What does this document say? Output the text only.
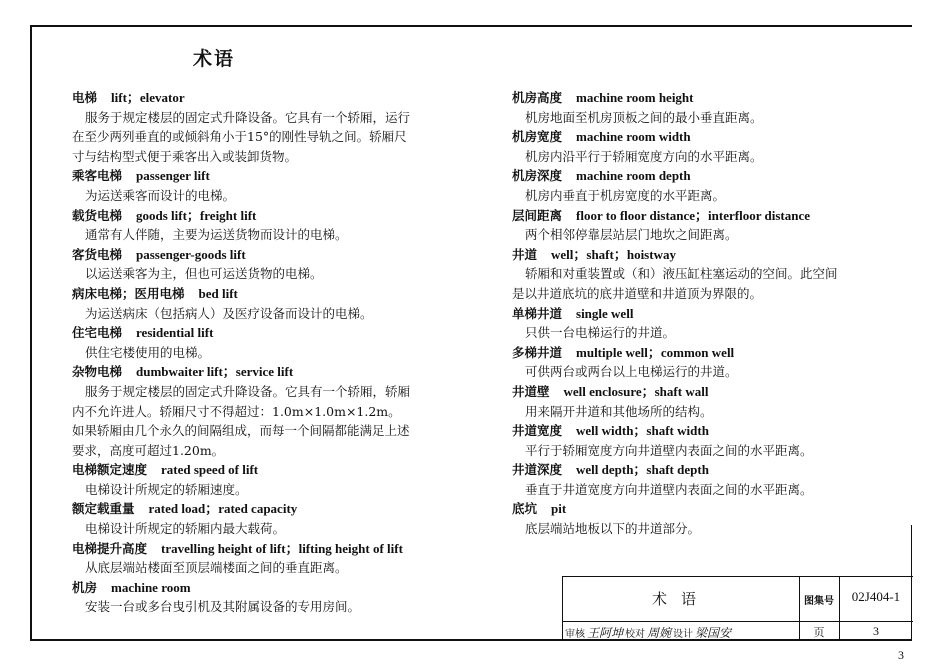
术语
电梯 lift；elevator
服务于规定楼层的固定式升降设备。它具有一个轿厢，运行
在至少两列垂直的或倾斜角小于15°的刚性导轨之间。轿厢尺
寸与结构型式便于乘客出入或装卸货物。
乘客电梯 passenger lift
为运送乘客而设计的电梯。
载货电梯 goods lift；freight lift
通常有人伴随，主要为运送货物而设计的电梯。
客货电梯 passenger-goods lift
以运送乘客为主，但也可运送货物的电梯。
病床电梯；医用电梯 bed lift
为运送病床（包括病人）及医疗设备而设计的电梯。
住宅电梯 residential lift
供住宅楼使用的电梯。
杂物电梯 dumbwaiter lift；service lift
服务于规定楼层的固定式升降设备。它具有一个轿厢，轿厢
内不允许进人。轿厢尺寸不得超过：1.0m×1.0m×1.2m。
如果轿厢由几个永久的间隔组成，而每一个间隔都能满足上述
要求，高度可超过1.20m。
电梯额定速度 rated speed of lift
电梯设计所规定的轿厢速度。
额定载重量 rated load；rated capacity
电梯设计所规定的轿厢内最大载荷。
电梯提升高度 travelling height of lift；lifting height of lift
从底层端站楼面至顶层端楼面之间的垂直距离。
机房 machine room
安装一台或多台曳引机及其附属设备的专用房间。
机房高度 machine room height
机房地面至机房顶板之间的最小垂直距离。
机房宽度 machine room width
机房内沿平行于轿厢宽度方向的水平距离。
机房深度 machine room depth
机房内垂直于机房宽度的水平距离。
层间距离 floor to floor distance；interfloor distance
两个相邻停靠层站层门地坎之间距离。
井道 well；shaft；hoistway
轿厢和对重装置或（和）液压缸柱塞运动的空间。此空间
是以井道底坑的底井道壁和井道顶为界限的。
单梯井道 single well
只供一台电梯运行的井道。
多梯井道 multiple well；common well
可供两台或两台以上电梯运行的井道。
井道壁 well enclosure；shaft wall
用来隔开井道和其他场所的结构。
井道宽度 well width；shaft width
平行于轿厢宽度方向井道壁内表面之间的水平距离。
井道深度 well depth；shaft depth
垂直于井道宽度方向井道壁内表面之间的水平距离。
底坑 pit
底层端站地板以下的井道部分。
术语	图集号	02J404-1
审核 王阿坤 校对 周婉 设计 梁国安	页	3
3
